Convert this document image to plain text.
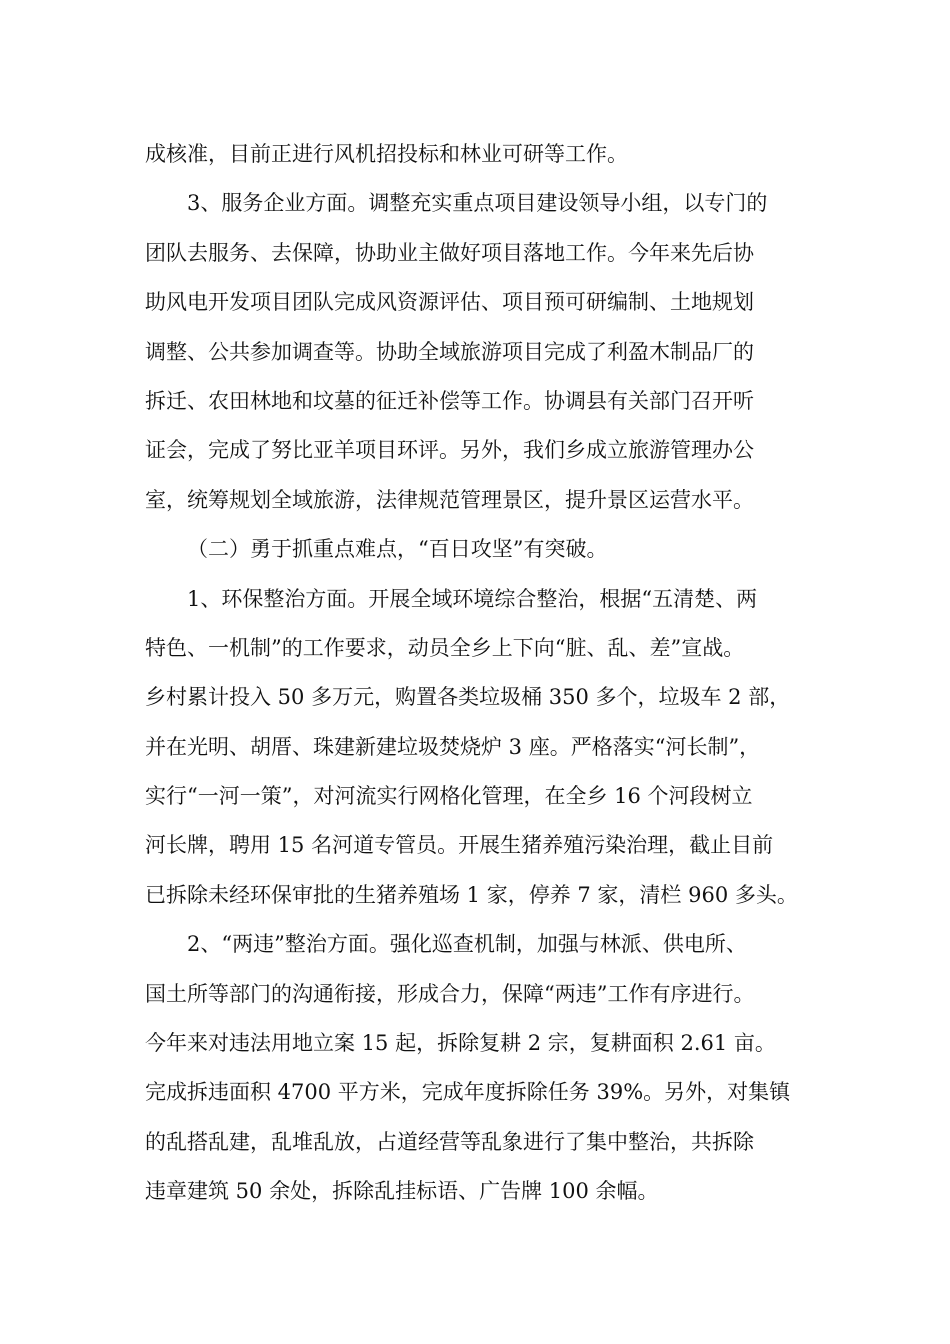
成核准，目前正进行风机招投标和林业可研等工作。
3、服务企业方面。调整充实重点项目建设领导小组，以专门的
团队去服务、去保障，协助业主做好项目落地工作。今年来先后协
助风电开发项目团队完成风资源评估、项目预可研编制、土地规划
调整、公共参加调查等。协助全域旅游项目完成了利盈木制品厂的
拆迁、农田林地和坟墓的征迁补偿等工作。协调县有关部门召开听
证会，完成了努比亚羊项目环评。另外，我们乡成立旅游管理办公
室，统筹规划全域旅游，法律规范管理景区，提升景区运营水平。
（二）勇于抓重点难点，“百日攻坚”有突破。
1、环保整治方面。开展全域环境综合整治，根据“五清楚、两
特色、一机制”的工作要求，动员全乡上下向“脏、乱、差”宣战。
乡村累计投入 50 多万元，购置各类垃圾桶 350 多个，垃圾车 2 部，
并在光明、胡厝、珠建新建垃圾焚烧炉 3 座。严格落实“河长制”，
实行“一河一策”，对河流实行网格化管理，在全乡 16 个河段树立
河长牌，聘用 15 名河道专管员。开展生猪养殖污染治理，截止目前
已拆除未经环保审批的生猪养殖场 1 家，停养 7 家，清栏 960 多头。
2、“两违”整治方面。强化巡查机制，加强与林派、供电所、
国土所等部门的沟通衔接，形成合力，保障“两违”工作有序进行。
今年来对违法用地立案 15 起，拆除复耕 2 宗，复耕面积 2.61 亩。
完成拆违面积 4700 平方米，完成年度拆除任务 39%。另外，对集镇
的乱搭乱建，乱堆乱放，占道经营等乱象进行了集中整治，共拆除
违章建筑 50 余处，拆除乱挂标语、广告牌 100 余幅。
